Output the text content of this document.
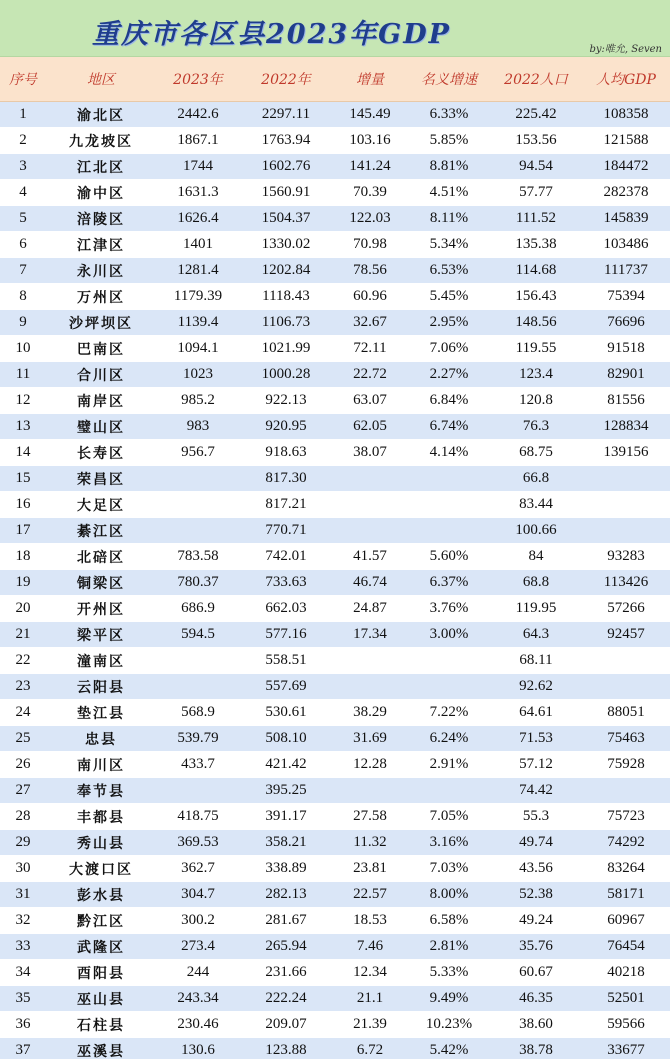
重庆市各区县2023年GDP	by:唯允, Seven
序号	地区	2023年	2022年	增量	名义增速	2022人口	人均GDP
1	渝北区	2442.6	2297.11	145.49	6.33%	225.42	108358
2	九龙坡区	1867.1	1763.94	103.16	5.85%	153.56	121588
3	江北区	1744	1602.76	141.24	8.81%	94.54	184472
4	渝中区	1631.3	1560.91	70.39	4.51%	57.77	282378
5	涪陵区	1626.4	1504.37	122.03	8.11%	111.52	145839
6	江津区	1401	1330.02	70.98	5.34%	135.38	103486
7	永川区	1281.4	1202.84	78.56	6.53%	114.68	111737
8	万州区	1179.39	1118.43	60.96	5.45%	156.43	75394
9	沙坪坝区	1139.4	1106.73	32.67	2.95%	148.56	76696
10	巴南区	1094.1	1021.99	72.11	7.06%	119.55	91518
11	合川区	1023	1000.28	22.72	2.27%	123.4	82901
12	南岸区	985.2	922.13	63.07	6.84%	120.8	81556
13	璧山区	983	920.95	62.05	6.74%	76.3	128834
14	长寿区	956.7	918.63	38.07	4.14%	68.75	139156
15	荣昌区		817.30			66.8	
16	大足区		817.21			83.44	
17	綦江区		770.71			100.66	
18	北碚区	783.58	742.01	41.57	5.60%	84	93283
19	铜梁区	780.37	733.63	46.74	6.37%	68.8	113426
20	开州区	686.9	662.03	24.87	3.76%	119.95	57266
21	梁平区	594.5	577.16	17.34	3.00%	64.3	92457
22	潼南区		558.51			68.11	
23	云阳县		557.69			92.62	
24	垫江县	568.9	530.61	38.29	7.22%	64.61	88051
25	忠县	539.79	508.10	31.69	6.24%	71.53	75463
26	南川区	433.7	421.42	12.28	2.91%	57.12	75928
27	奉节县		395.25			74.42	
28	丰都县	418.75	391.17	27.58	7.05%	55.3	75723
29	秀山县	369.53	358.21	11.32	3.16%	49.74	74292
30	大渡口区	362.7	338.89	23.81	7.03%	43.56	83264
31	彭水县	304.7	282.13	22.57	8.00%	52.38	58171
32	黔江区	300.2	281.67	18.53	6.58%	49.24	60967
33	武隆区	273.4	265.94	7.46	2.81%	35.76	76454
34	酉阳县	244	231.66	12.34	5.33%	60.67	40218
35	巫山县	243.34	222.24	21.1	9.49%	46.35	52501
36	石柱县	230.46	209.07	21.39	10.23%	38.60	59566
37	巫溪县	130.6	123.88	6.72	5.42%	38.78	33677
